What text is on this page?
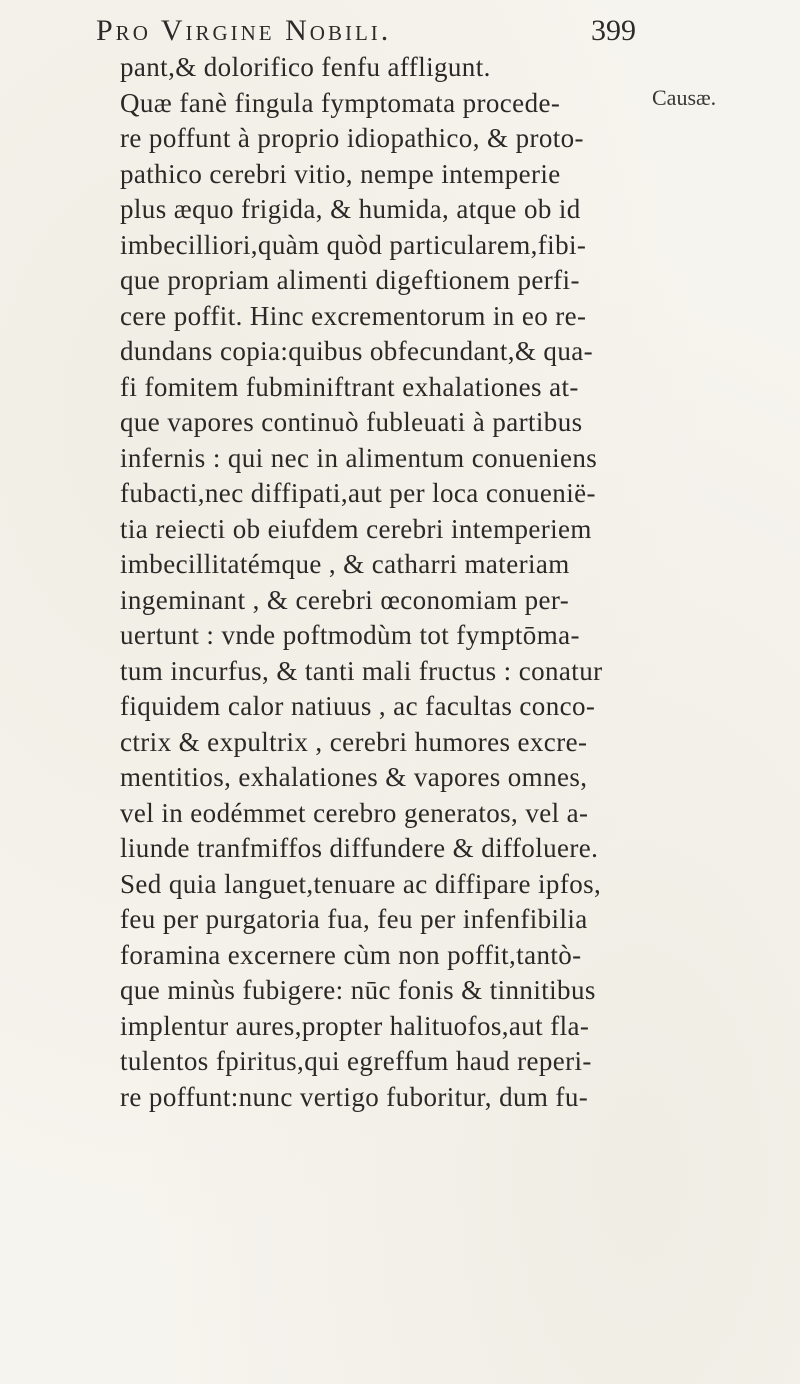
Pro Virgine Nobili.	399
Causæ.
pant,& dolorifico fenfu affligunt.
Quæ fanè fingula fymptomata procede-
re poffunt à proprio idiopathico, & proto-
pathico cerebri vitio, nempe intemperie
plus æquo frigida, & humida, atque ob id
imbecilliori,quàm quòd particularem,fibi-
que propriam alimenti digeftionem perfi-
cere poffit. Hinc excrementorum in eo re-
dundans copia:quibus obfecundant,& qua-
fi fomitem fubminiftrant exhalationes at-
que vapores continuò fubleuati à partibus
infernis : qui nec in alimentum conueniens
fubacti,nec diffipati,aut per loca conuenië-
tia reiecti ob eiufdem cerebri intemperiem
imbecillitatémque , & catharri materiam
ingeminant , & cerebri œconomiam per-
uertunt : vnde poftmodùm tot fymptōma-
tum incurfus, & tanti mali fructus : conatur
fiquidem calor natiuus , ac facultas conco-
ctrix & expultrix , cerebri humores excre-
mentitios, exhalationes & vapores omnes,
vel in eodémmet cerebro generatos, vel a-
liunde tranfmiffos diffundere & diffoluere.
Sed quia languet,tenuare ac diffipare ipfos,
feu per purgatoria fua, feu per infenfibilia
foramina excernere cùm non poffit,tantò-
que minùs fubigere: nūc fonis & tinnitibus
implentur aures,propter halituofos,aut fla-
tulentos fpiritus,qui egreffum haud reperi-
re poffunt:nunc vertigo fuboritur, dum fu-
